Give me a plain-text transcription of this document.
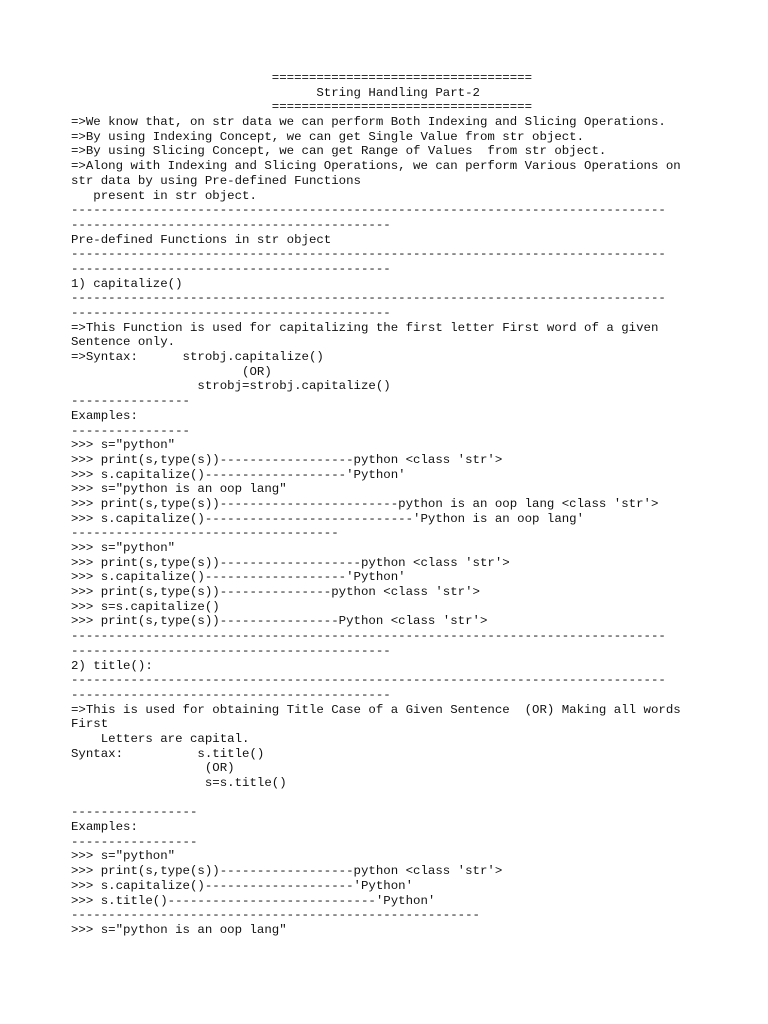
===================================
String Handling Part-2
===================================
=>We know that, on str data we can perform Both Indexing and Slicing Operations.
=>By using Indexing Concept, we can get Single Value from str object.
=>By using Slicing Concept, we can get Range of Values  from str object.
=>Along with Indexing and Slicing Operations, we can perform Various Operations on
str data by using Pre-defined Functions
present in str object.
--------------------------------------------------------------------------------
-------------------------------------------
Pre-defined Functions in str object
--------------------------------------------------------------------------------
-------------------------------------------
1) capitalize()
--------------------------------------------------------------------------------
-------------------------------------------
=>This Function is used for capitalizing the first letter First word of a given
Sentence only.
=>Syntax:      strobj.capitalize()
(OR)
strobj=strobj.capitalize()
----------------
Examples:
----------------
>>> s="python"
>>> print(s,type(s))------------------python <class 'str'>
>>> s.capitalize()-------------------'Python'
>>> s="python is an oop lang"
>>> print(s,type(s))------------------------python is an oop lang <class 'str'>
>>> s.capitalize()----------------------------'Python is an oop lang'
------------------------------------
>>> s="python"
>>> print(s,type(s))-------------------python <class 'str'>
>>> s.capitalize()-------------------'Python'
>>> print(s,type(s))---------------python <class 'str'>
>>> s=s.capitalize()
>>> print(s,type(s))----------------Python <class 'str'>
--------------------------------------------------------------------------------
-------------------------------------------
2) title():
--------------------------------------------------------------------------------
-------------------------------------------
=>This is used for obtaining Title Case of a Given Sentence  (OR) Making all words
First
Letters are capital.
Syntax:          s.title()
(OR)
s=s.title()
-----------------
Examples:
-----------------
>>> s="python"
>>> print(s,type(s))------------------python <class 'str'>
>>> s.capitalize()--------------------'Python'
>>> s.title()----------------------------'Python'
-------------------------------------------------------
>>> s="python is an oop lang"
